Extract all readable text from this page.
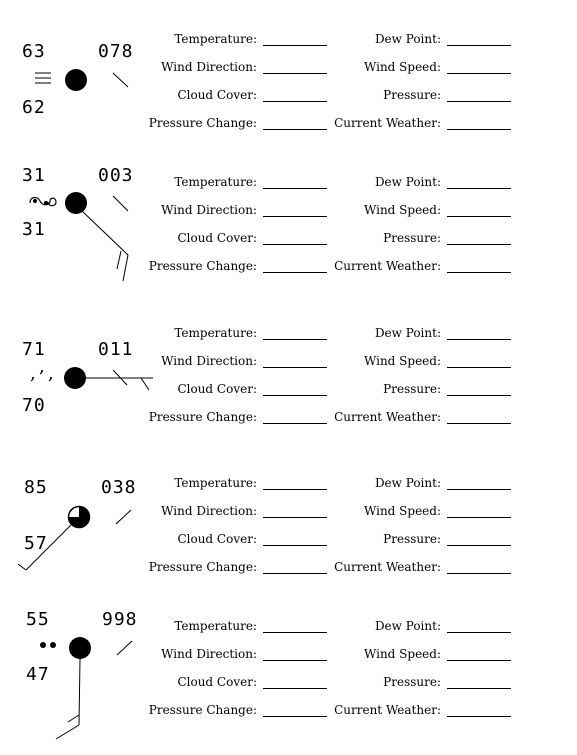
63
62
078
Temperature:	Dew Point:
Wind Direction:	Wind Speed:
Cloud Cover:	Pressure:
Pressure Change:	Current Weather:
31
31
003	Temperature:	Dew Point:
Wind Direction:	Wind Speed:
Cloud Cover:	Pressure:
Pressure Change:	Current Weather:
, , ,
71
70
011
Temperature:	Dew Point:
Wind Direction:	Wind Speed:
Cloud Cover:	Pressure:
Pressure Change:	Current Weather:
85
57
038	Temperature:	Dew Point:
Wind Direction:	Wind Speed:
Cloud Cover:	Pressure:
Pressure Change:	Current Weather:
55
47
998	Temperature:	Dew Point:
Wind Direction:	Wind Speed:
Cloud Cover:	Pressure:
Pressure Change:	Current Weather:
